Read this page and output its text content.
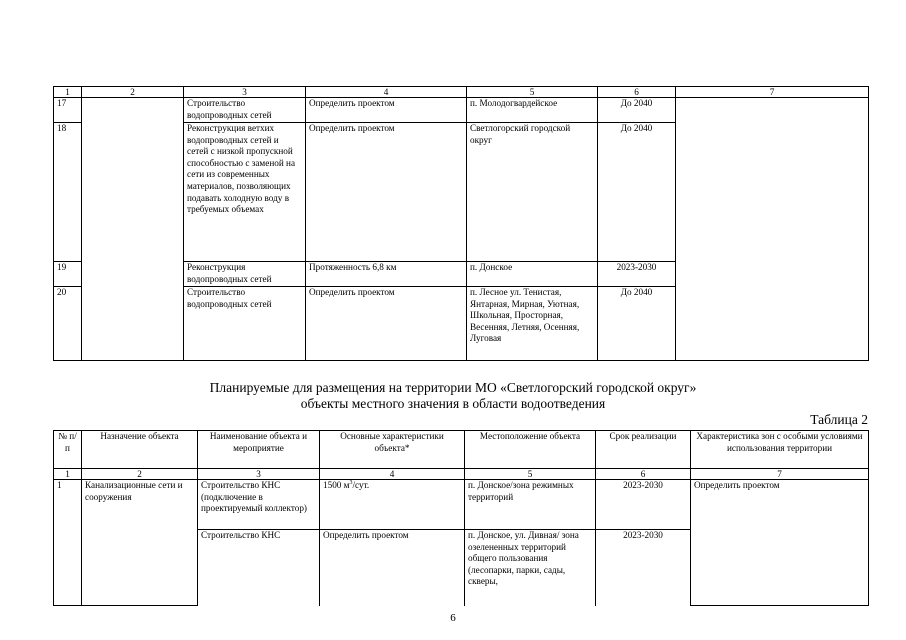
1	2	3	4	5	6	7
17		Строительство водопроводных сетей	Определить проектом	п. Молодогвардейское	До 2040	
18		Реконструкция ветхих водопроводных сетей и сетей с низкой пропускной способностью с заменой на сети из современных материалов, позволяющих подавать холодную воду в требуемых объемах	Определить проектом	Светлогорский городской округ	До 2040	
19		Реконструкция водопроводных сетей	Протяженность 6,8 км	п. Донское	2023-2030	
20		Строительство водопроводных сетей	Определить проектом	п. Лесное ул. Тенистая, Янтарная, Мирная, Уютная, Школьная, Просторная, Весенняя, Летняя, Осенняя, Луговая	До 2040	
Планируемые для размещения на территории МО «Светлогорский городской округ»
объекты местного значения в области водоотведения
Таблица 2
№ п/п	Назначение объекта	Наименование объекта и мероприятие	Основные характеристики объекта*	Местоположение объекта	Срок реализации	Характеристика зон с особыми условиями использования территории
1	2	3	4	5	6	7
1	Канализационные сети и сооружения	Строительство КНС (подключение в проектируемый коллектор)	1500 $м^3$/сут.	п. Донское/зона режимных территорий	2023-2030	Определить проектом
		Строительство КНС	Определить проектом	п. Донское, ул. Дивная/ зона озелененных территорий общего пользования (лесопарки, парки, сады, скверы,	2023-2030	
6
